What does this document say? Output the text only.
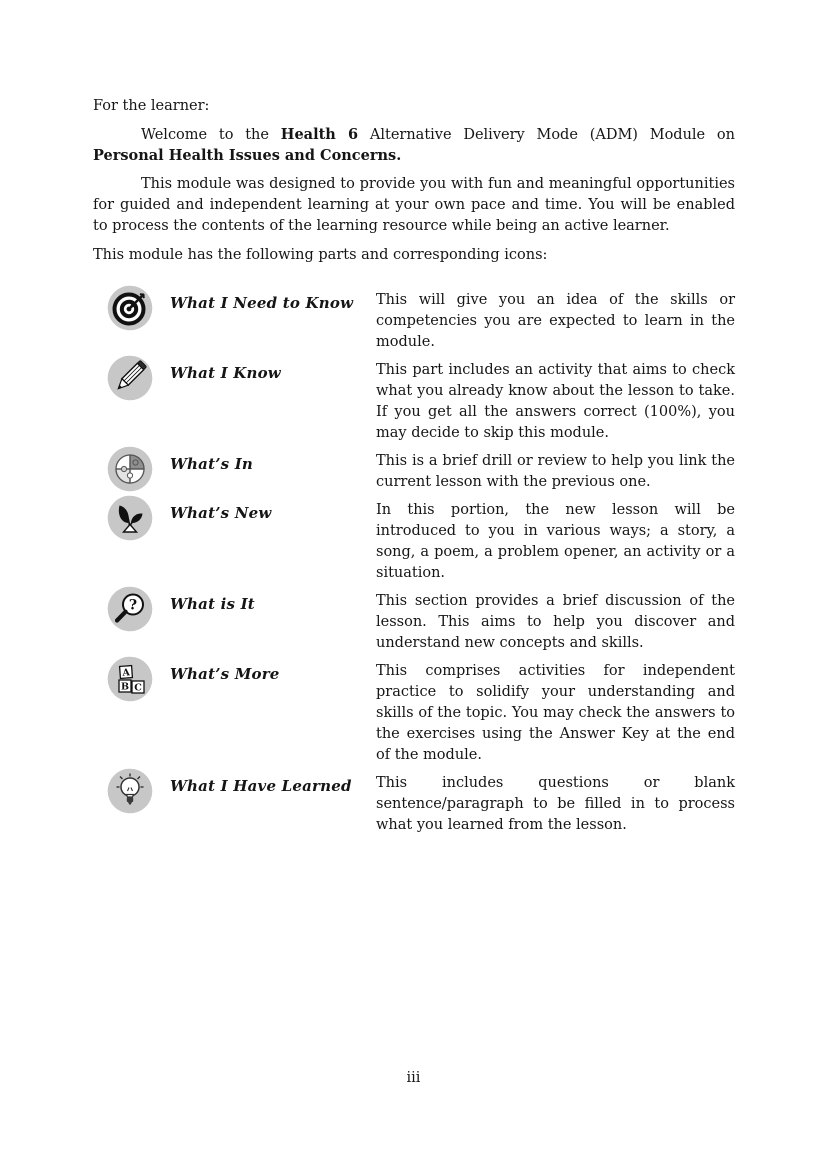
For the learner:

Welcome to the Health 6 Alternative Delivery Mode (ADM) Module on Personal Health Issues and Concerns.

This module was designed to provide you with fun and meaningful opportunities for guided and independent learning at your own pace and time. You will be enabled to process the contents of the learning resource while being an active learner.

This module has the following parts and corresponding icons:

What I Need to Know	This will give you an idea of the skills or competencies you are expected to learn in the module.
What I Know	This part includes an activity that aims to check what you already know about the lesson to take. If you get all the answers correct (100%), you may decide to skip this module.
What’s In	This is a brief drill or review to help you link the current lesson with the previous one.
What’s New	In this portion, the new lesson will be introduced to you in various ways; a story, a song, a poem, a problem opener, an activity or a situation.
? What is It	This section provides a brief discussion of the lesson. This aims to help you discover and understand new concepts and skills.
A
B C
What’s More	This comprises activities for independent practice to solidify your understanding and skills of the topic. You may check the answers to the exercises using the Answer Key at the end of the module.
What I Have Learned	This includes questions or blank sentence/paragraph to be filled in to process what you learned from the lesson.
iii
